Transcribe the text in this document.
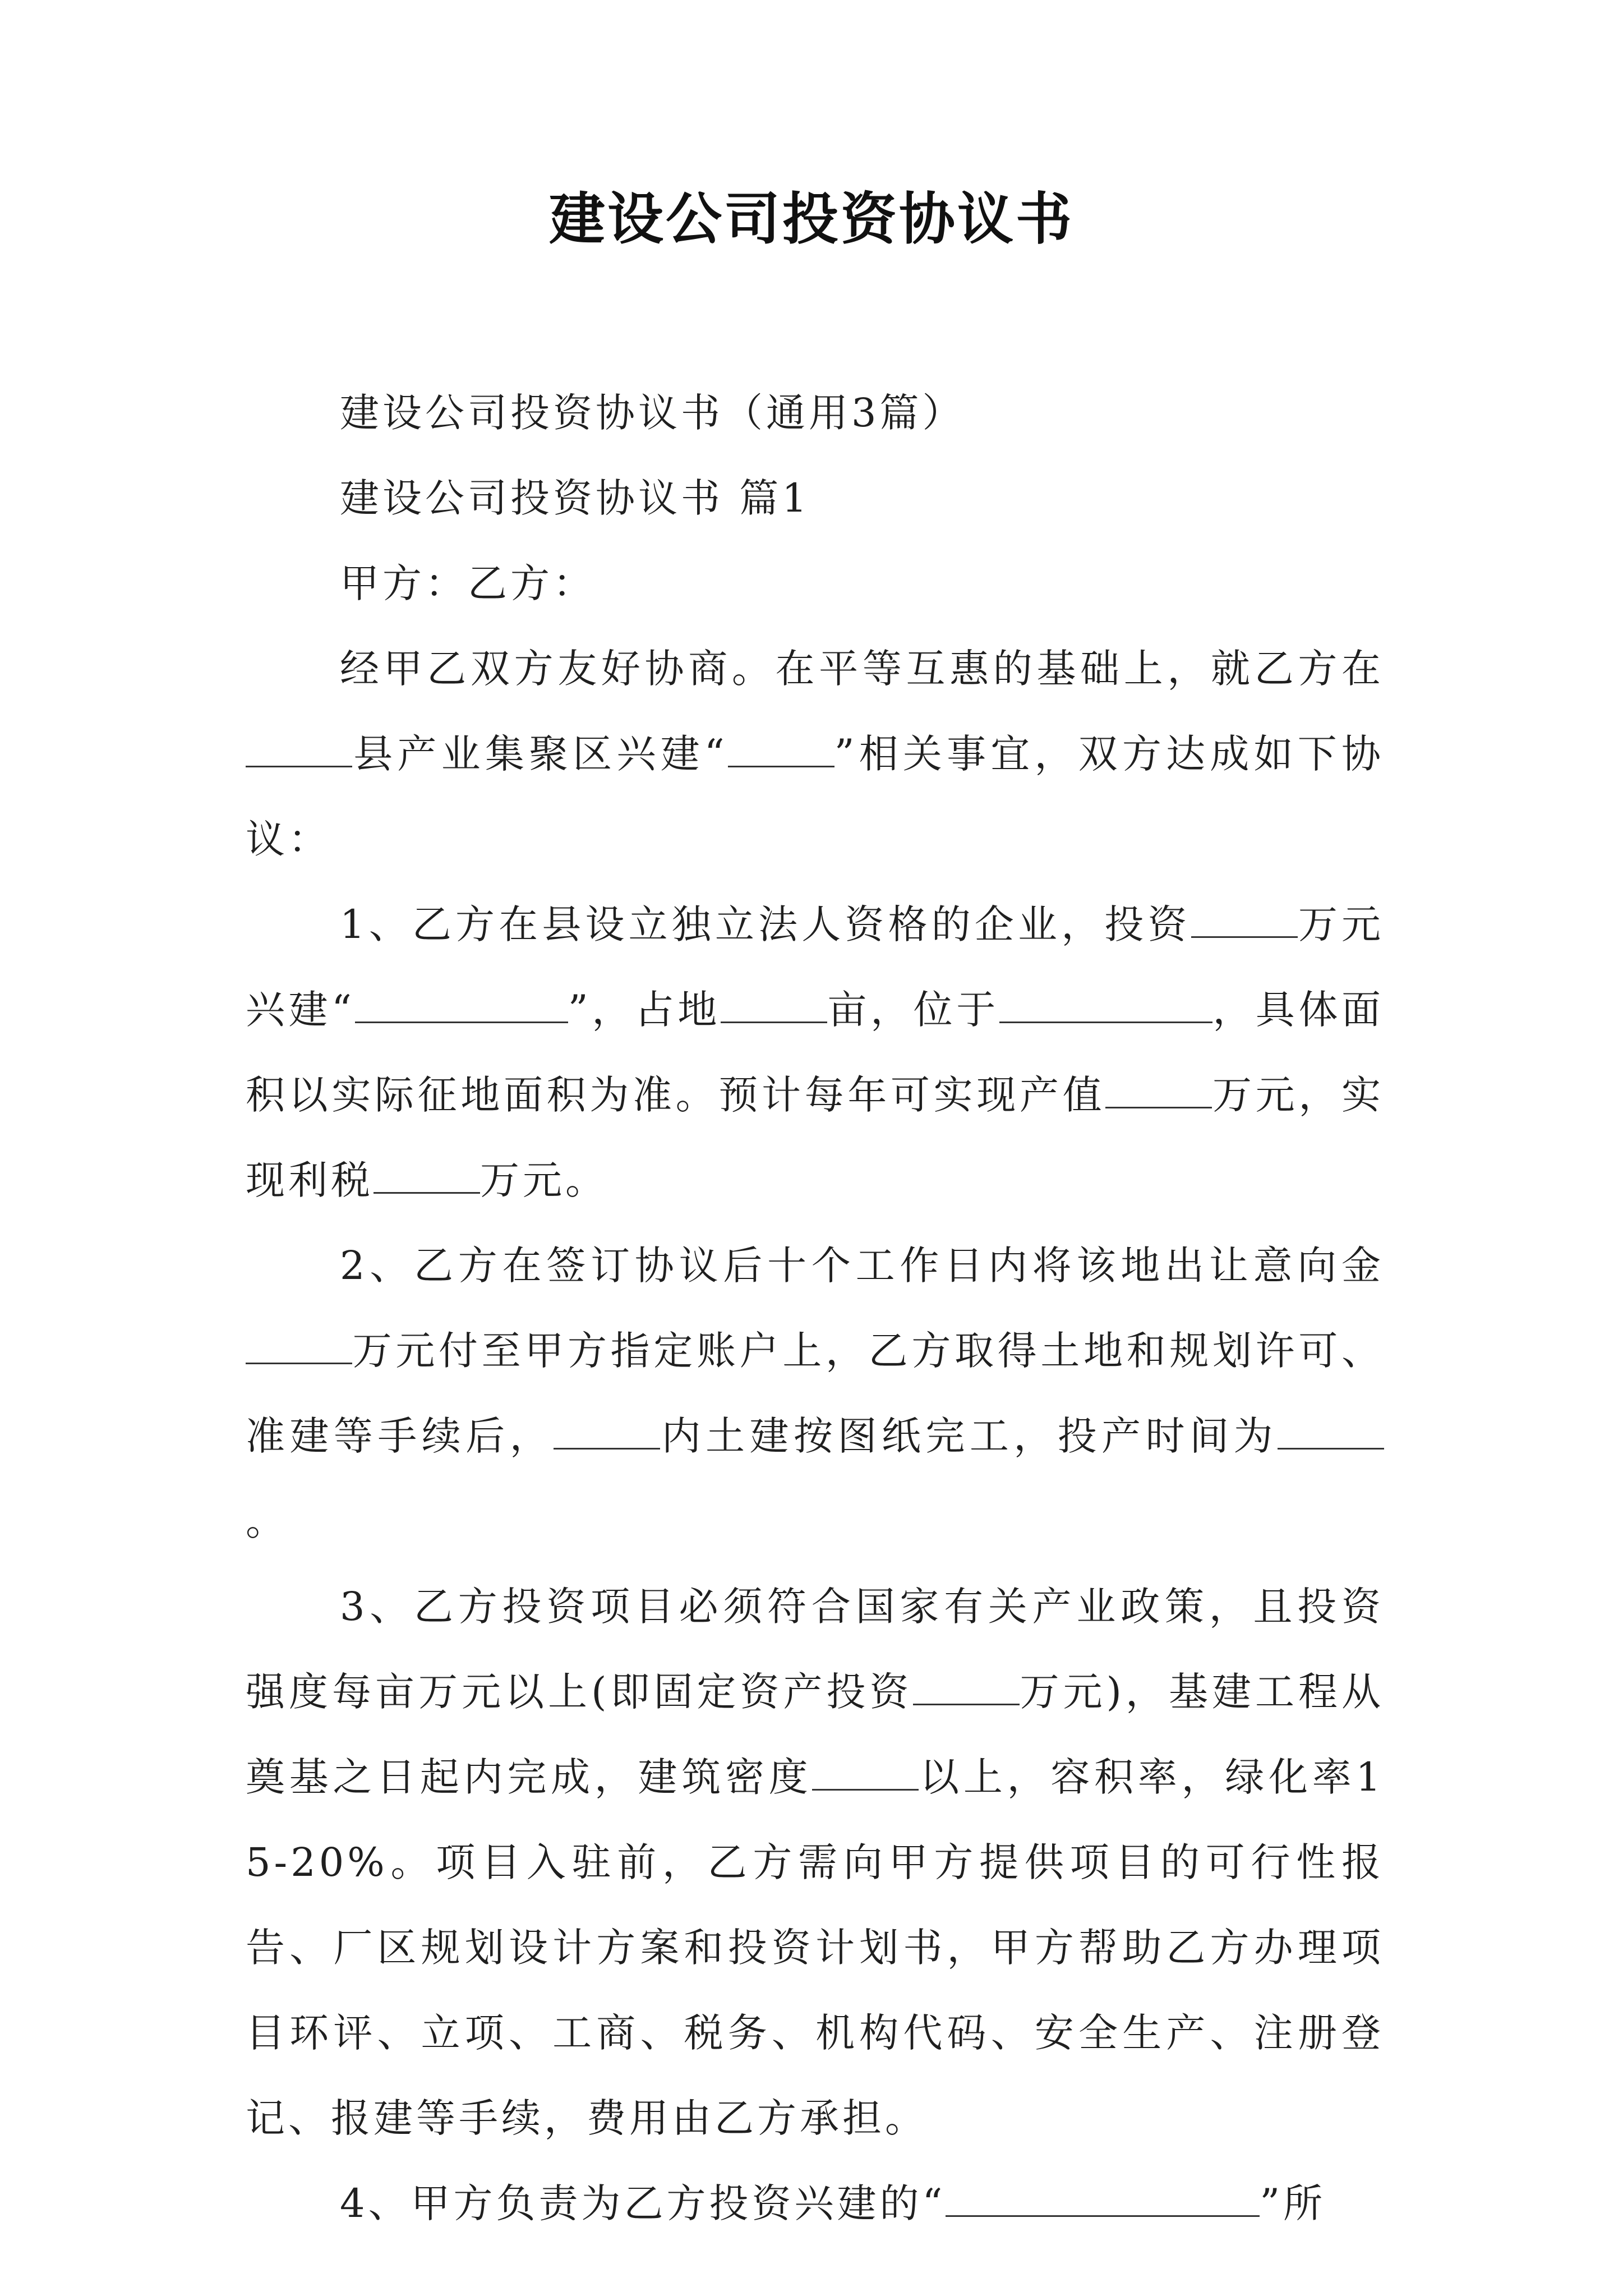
建设公司投资协议书

建设公司投资协议书（通用3篇）

建设公司投资协议书 篇1

甲方：乙方：

经甲乙双方友好协商。在平等互惠的基础上，就乙方在县产业集聚区兴建“	”相关事宜，双方达成如下协议：

1、乙方在县设立独立法人资格的企业，投资	万元兴建“	”，占地	亩，位于	，具体面积以实际征地面积为准。预计每年可实现产值	万元，实现利税	万元。

2、乙方在签订协议后十个工作日内将该地出让意向金万元付至甲方指定账户上，乙方取得土地和规划许可、准建等手续后，	内土建按图纸完工，投产时间为。

3、乙方投资项目必须符合国家有关产业政策，且投资强度每亩万元以上(即固定资产投资	万元)，基建工程从奠基之日起内完成，建筑密度	以上，容积率，绿化率15-20%。项目入驻前，乙方需向甲方提供项目的可行性报告、厂区规划设计方案和投资计划书，甲方帮助乙方办理项目环评、立项、工商、税务、机构代码、安全生产、注册登记、报建等手续，费用由乙方承担。

4、甲方负责为乙方投资兴建的“	”所
